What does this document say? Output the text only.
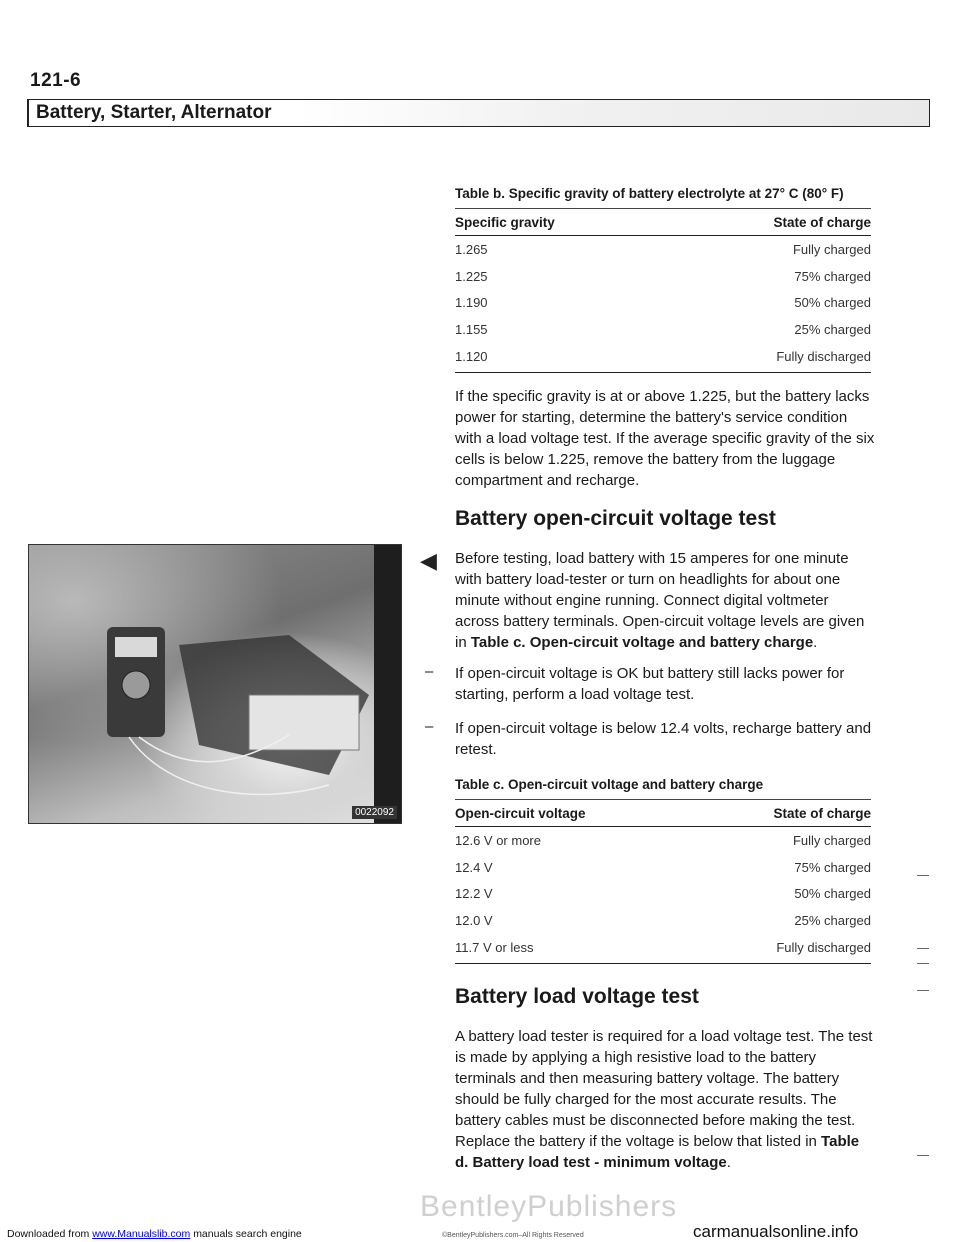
121-6
Battery, Starter, Alternator
Table b. Specific gravity of battery electrolyte at 27° C (80° F)
Specific gravity	State of charge
1.265	Fully charged
1.225	75% charged
1.190	50% charged
1.155	25% charged
1.120	Fully discharged
If the specific gravity is at or above 1.225, but the battery lacks power for starting, determine the battery's service condition with a load voltage test. If the average specific gravity of the six cells is below 1.225, remove the battery from the luggage compartment and recharge.
Battery open-circuit voltage test
0022092
◀ Before testing, load battery with 15 amperes for one minute with battery load-tester or turn on headlights for about one minute without engine running. Connect digital voltmeter across battery terminals. Open-circuit voltage levels are given in Table c. Open-circuit voltage and battery charge.
– If open-circuit voltage is OK but battery still lacks power for starting, perform a load voltage test.
– If open-circuit voltage is below 12.4 volts, recharge battery and retest.
Table c. Open-circuit voltage and battery charge
Open-circuit voltage	State of charge
12.6 V or more	Fully charged
12.4 V	75% charged
12.2 V	50% charged
12.0 V	25% charged
11.7 V or less	Fully discharged
Battery load voltage test
A battery load tester is required for a load voltage test. The test is made by applying a high resistive load to the battery terminals and then measuring battery voltage. The battery should be fully charged for the most accurate results. The battery cables must be disconnected before making the test. Replace the battery if the voltage is below that listed in Table d. Battery load test - minimum voltage.
BentleyPublishers
Downloaded from www.Manualslib.com manuals search engine	©BentleyPublishers.com–All Rights Reserved	carmanualsonline.info
